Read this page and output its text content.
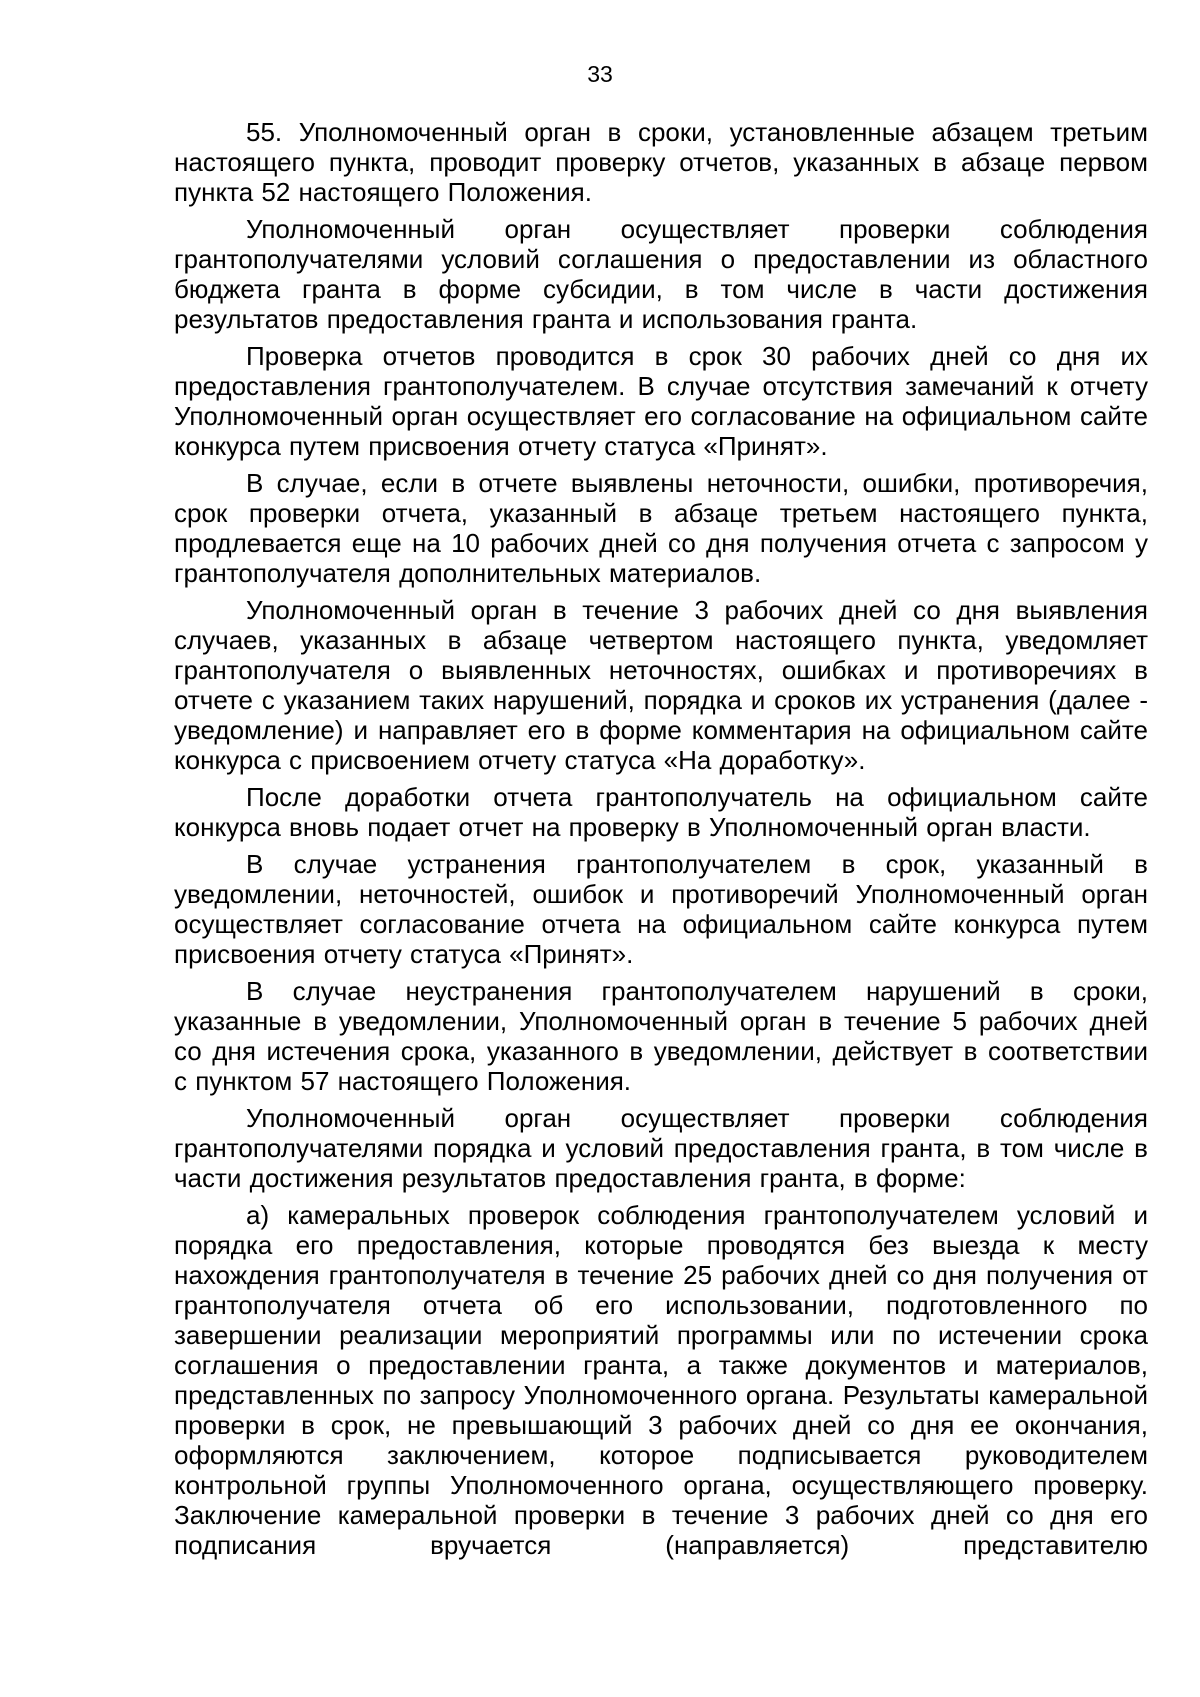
33

55. Уполномоченный орган в сроки, установленные абзацем третьим настоящего пункта, проводит проверку отчетов, указанных в абзаце первом пункта 52 настоящего Положения.

Уполномоченный орган осуществляет проверки соблюдения грантополучателями условий соглашения о предоставлении из областного бюджета гранта в форме субсидии, в том числе в части достижения результатов предоставления гранта и использования гранта.

Проверка отчетов проводится в срок 30 рабочих дней со дня их предоставления грантополучателем. В случае отсутствия замечаний к отчету Уполномоченный орган осуществляет его согласование на официальном сайте конкурса путем присвоения отчету статуса «Принят».

В случае, если в отчете выявлены неточности, ошибки, противоречия, срок проверки отчета, указанный в абзаце третьем настоящего пункта, продлевается еще на 10 рабочих дней со дня получения отчета с запросом у грантополучателя дополнительных материалов.

Уполномоченный орган в течение 3 рабочих дней со дня выявления случаев, указанных в абзаце четвертом настоящего пункта, уведомляет грантополучателя о выявленных неточностях, ошибках и противоречиях в отчете с указанием таких нарушений, порядка и сроков их устранения (далее - уведомление) и направляет его в форме комментария на официальном сайте конкурса с присвоением отчету статуса «На доработку».

После доработки отчета грантополучатель на официальном сайте конкурса вновь подает отчет на проверку в Уполномоченный орган власти.

В случае устранения грантополучателем в срок, указанный в уведомлении, неточностей, ошибок и противоречий Уполномоченный орган осуществляет согласование отчета на официальном сайте конкурса путем присвоения отчету статуса «Принят».

В случае неустранения грантополучателем нарушений в сроки, указанные в уведомлении, Уполномоченный орган в течение 5 рабочих дней со дня истечения срока, указанного в уведомлении, действует в соответствии с пунктом 57 настоящего Положения.

Уполномоченный орган осуществляет проверки соблюдения грантополучателями порядка и условий предоставления гранта, в том числе в части достижения результатов предоставления гранта, в форме:

а) камеральных проверок соблюдения грантополучателем условий и порядка его предоставления, которые проводятся без выезда к месту нахождения грантополучателя в течение 25 рабочих дней со дня получения от грантополучателя отчета об его использовании, подготовленного по завершении реализации мероприятий программы или по истечении срока соглашения о предоставлении гранта, а также документов и материалов, представленных по запросу Уполномоченного органа. Результаты камеральной проверки в срок, не превышающий 3 рабочих дней со дня ее окончания, оформляются заключением, которое подписывается руководителем контрольной группы Уполномоченного органа, осуществляющего проверку. Заключение камеральной проверки в течение 3 рабочих дней со дня его подписания вручается (направляется) представителю
